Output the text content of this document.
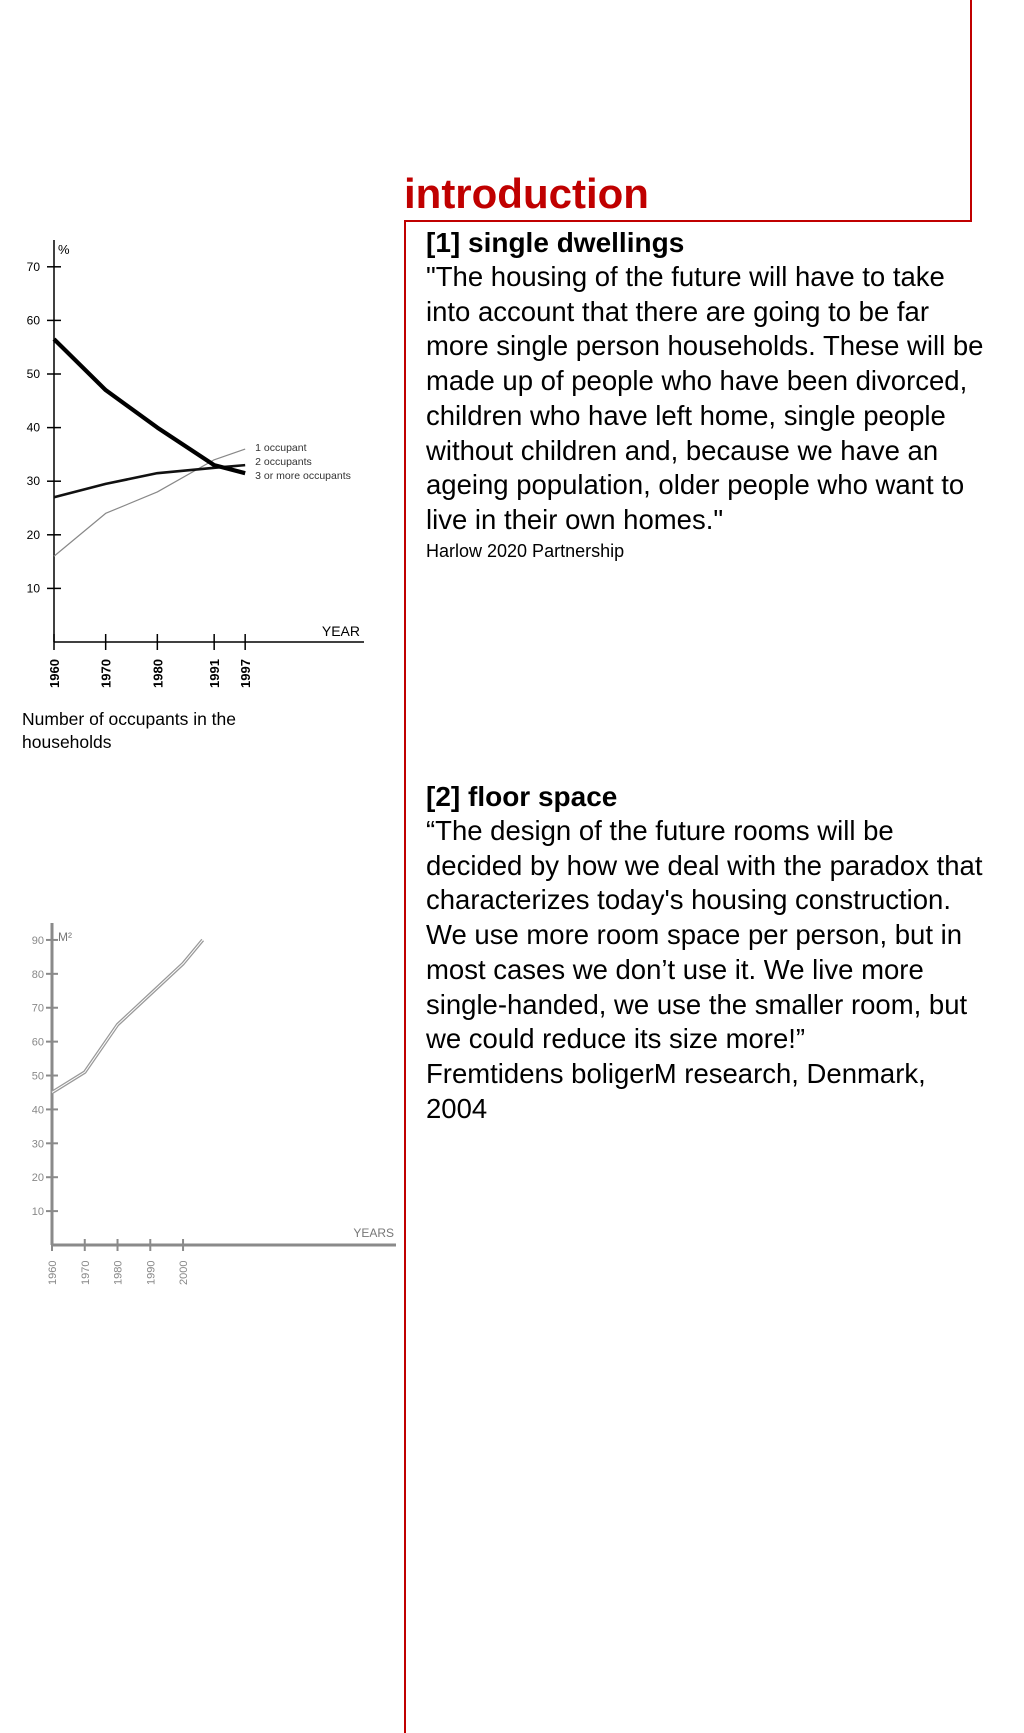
introduction
[1] single dwellings

"The housing of the future will have to take into account that there are going to be far more single person households. These will be made up of people who have been divorced, children who have left home, single people without children and, because we have an ageing population, older people who want to live in their own homes."

Harlow 2020 Partnership

[2] floor space

“The design of the future rooms will be decided by how we deal with the paradox that characterizes today's housing construction. We use more room space per person, but in most cases we don’t use it. We live more single-handed, we use the smaller room, but we could reduce its size more!”

Fremtidens boligerM research, Denmark, 2004

%
YEAR
10
20
30
40
50
60
70
1960	1970	1980	1991 1997
1 occupant
2 occupants
3 or more occupants
Number of occupants in the households
M²
YEARS
10
20
30
40
50
60
70
80
90
1960 1970 1980 1990 2000
